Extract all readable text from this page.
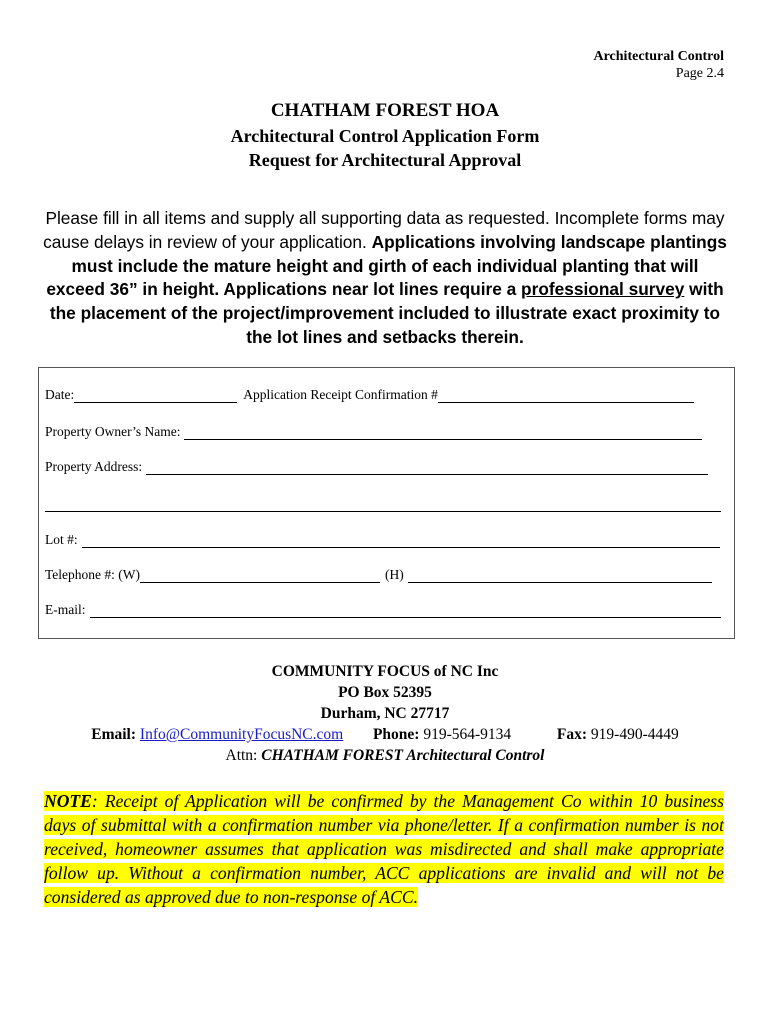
Architectural Control
Page 2.4
CHATHAM FOREST HOA
Architectural Control Application Form
Request for Architectural Approval
Please fill in all items and supply all supporting data as requested. Incomplete forms may cause delays in review of your application. Applications involving landscape plantings must include the mature height and girth of each individual planting that will exceed 36” in height. Applications near lot lines require a professional survey with the placement of the project/improvement included to illustrate exact proximity to the lot lines and setbacks therein.
Date:	Application Receipt Confirmation #
Property Owner’s Name:
Property Address:
Lot #:
Telephone #: (W)	(H)
E-mail:
COMMUNITY FOCUS of NC Inc
PO Box 52395
Durham, NC 27717
Email: Info@CommunityFocusNC.com Phone: 919-564-9134	Fax: 919-490-4449
Attn: CHATHAM FOREST Architectural Control
NOTE: Receipt of Application will be confirmed by the Management Co within 10 business days of submittal with a confirmation number via phone/letter. If a confirmation number is not received, homeowner assumes that application was misdirected and shall make appropriate follow up. Without a confirmation number, ACC applications are invalid and will not be considered as approved due to non-response of ACC.
